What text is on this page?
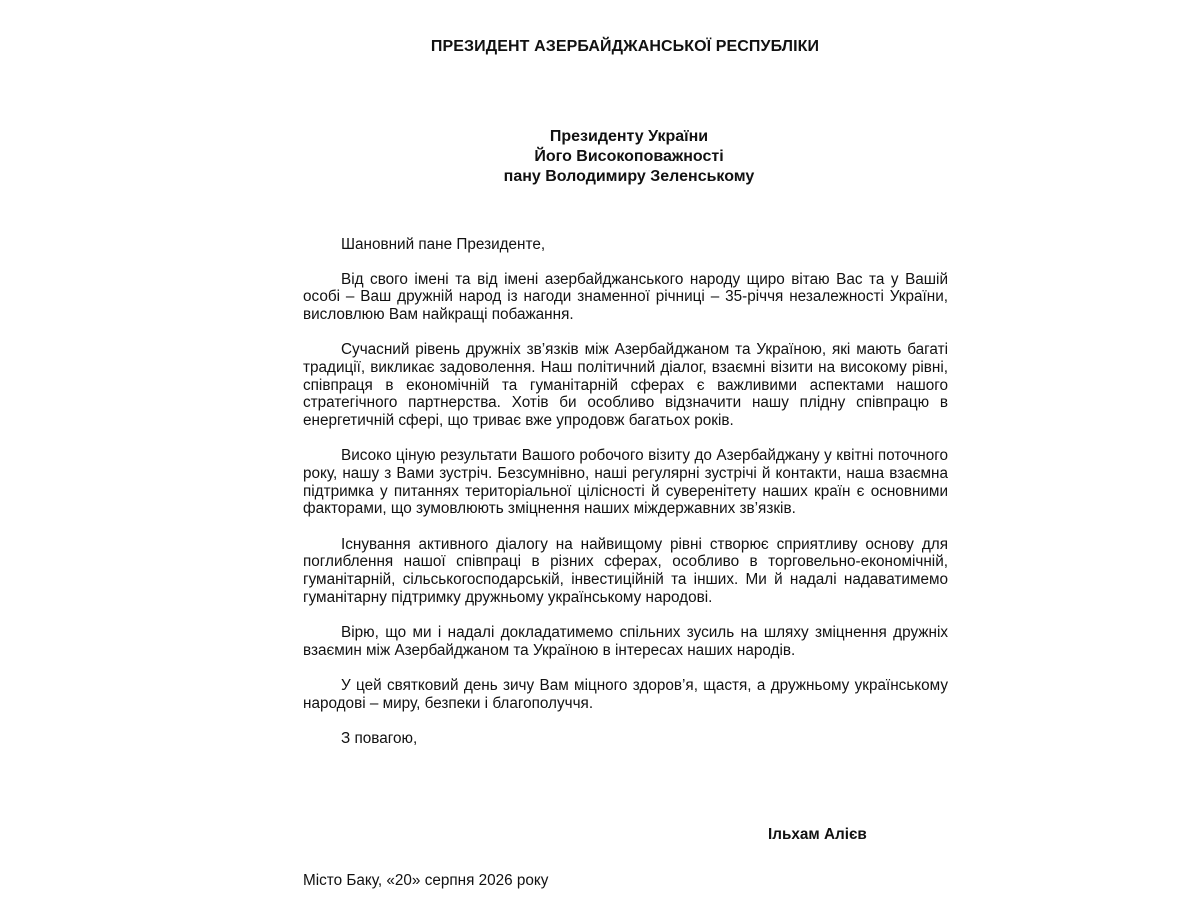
ПРЕЗИДЕНТ АЗЕРБАЙДЖАНСЬКОЇ РЕСПУБЛІКИ
Президенту України
Його Високоповажності
пану Володимиру Зеленському

Шановний пане Президенте,

Від свого імені та від імені азербайджанського народу щиро вітаю Вас та у Вашій особі – Ваш дружній народ із нагоди знаменної річниці – 35-річчя незалежності України, висловлюю Вам найкращі побажання.

Сучасний рівень дружніх зв’язків між Азербайджаном та Україною, які мають багаті традиції, викликає задоволення. Наш політичний діалог, взаємні візити на високому рівні, співпраця в економічній та гуманітарній сферах є важливими аспектами нашого стратегічного партнерства. Хотів би особливо відзначити нашу плідну співпрацю в енергетичній сфері, що триває вже упродовж багатьох років.

Високо ціную результати Вашого робочого візиту до Азербайджану у квітні поточного року, нашу з Вами зустріч. Безсумнівно, наші регулярні зустрічі й контакти, наша взаємна підтримка у питаннях територіальної цілісності й суверенітету наших країн є основними факторами, що зумовлюють зміцнення наших міждержавних зв’язків.

Існування активного діалогу на найвищому рівні створює сприятливу основу для поглиблення нашої співпраці в різних сферах, особливо в торговельно-економічній, гуманітарній, сільськогосподарській, інвестиційній та інших. Ми й надалі надаватимемо гуманітарну підтримку дружньому українському народові.

Вірю, що ми і надалі докладатимемо спільних зусиль на шляху зміцнення дружніх взаємин між Азербайджаном та Україною в інтересах наших народів.

У цей святковий день зичу Вам міцного здоров’я, щастя, а дружньому українському народові – миру, безпеки і благополуччя.

З повагою,

Ільхам Алієв
Місто Баку, «20» серпня 2026 року
